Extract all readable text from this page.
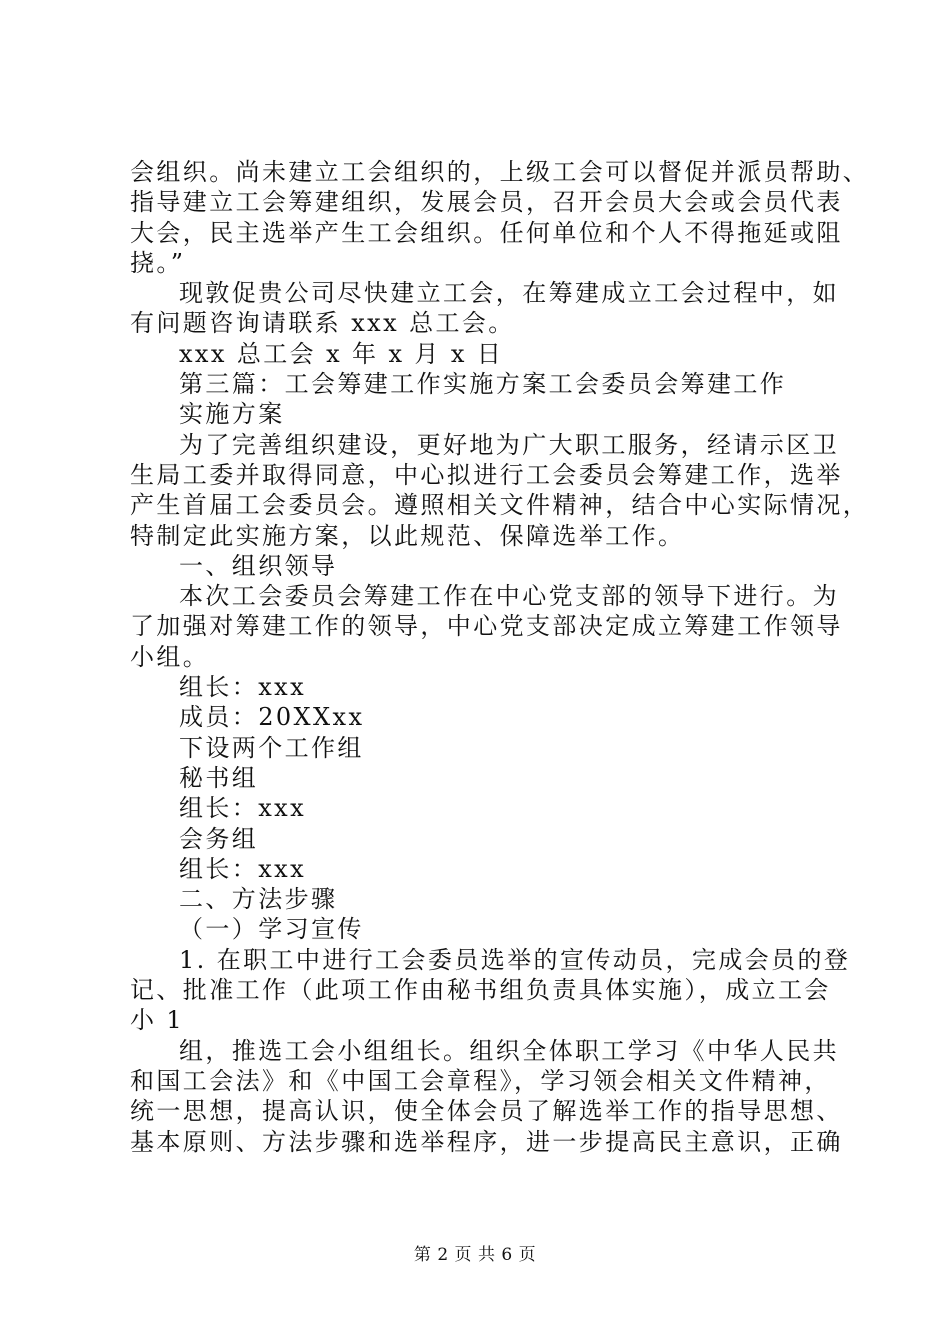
会组织。尚未建立工会组织的，上级工会可以督促并派员帮助、
指导建立工会筹建组织，发展会员，召开会员大会或会员代表
大会，民主选举产生工会组织。任何单位和个人不得拖延或阻
挠。”
现敦促贵公司尽快建立工会，在筹建成立工会过程中，如
有问题咨询请联系 xxx 总工会。
xxx 总工会 x 年 x 月 x 日
第三篇：工会筹建工作实施方案工会委员会筹建工作
实施方案
为了完善组织建设，更好地为广大职工服务，经请示区卫
生局工委并取得同意，中心拟进行工会委员会筹建工作，选举
产生首届工会委员会。遵照相关文件精神，结合中心实际情况，
特制定此实施方案，以此规范、保障选举工作。
一、组织领导
本次工会委员会筹建工作在中心党支部的领导下进行。为
了加强对筹建工作的领导，中心党支部决定成立筹建工作领导
小组。
组长：xxx
成员：20XXxx
下设两个工作组
秘书组
组长：xxx
会务组
组长：xxx
二、方法步骤
（一）学习宣传
1. 在职工中进行工会委员选举的宣传动员，完成会员的登
记、批准工作（此项工作由秘书组负责具体实施），成立工会
小 1
组，推选工会小组组长。组织全体职工学习《中华人民共
和国工会法》和《中国工会章程》，学习领会相关文件精神，
统一思想，提高认识，使全体会员了解选举工作的指导思想、
基本原则、方法步骤和选举程序，进一步提高民主意识，正确
第 2 页 共 6 页
